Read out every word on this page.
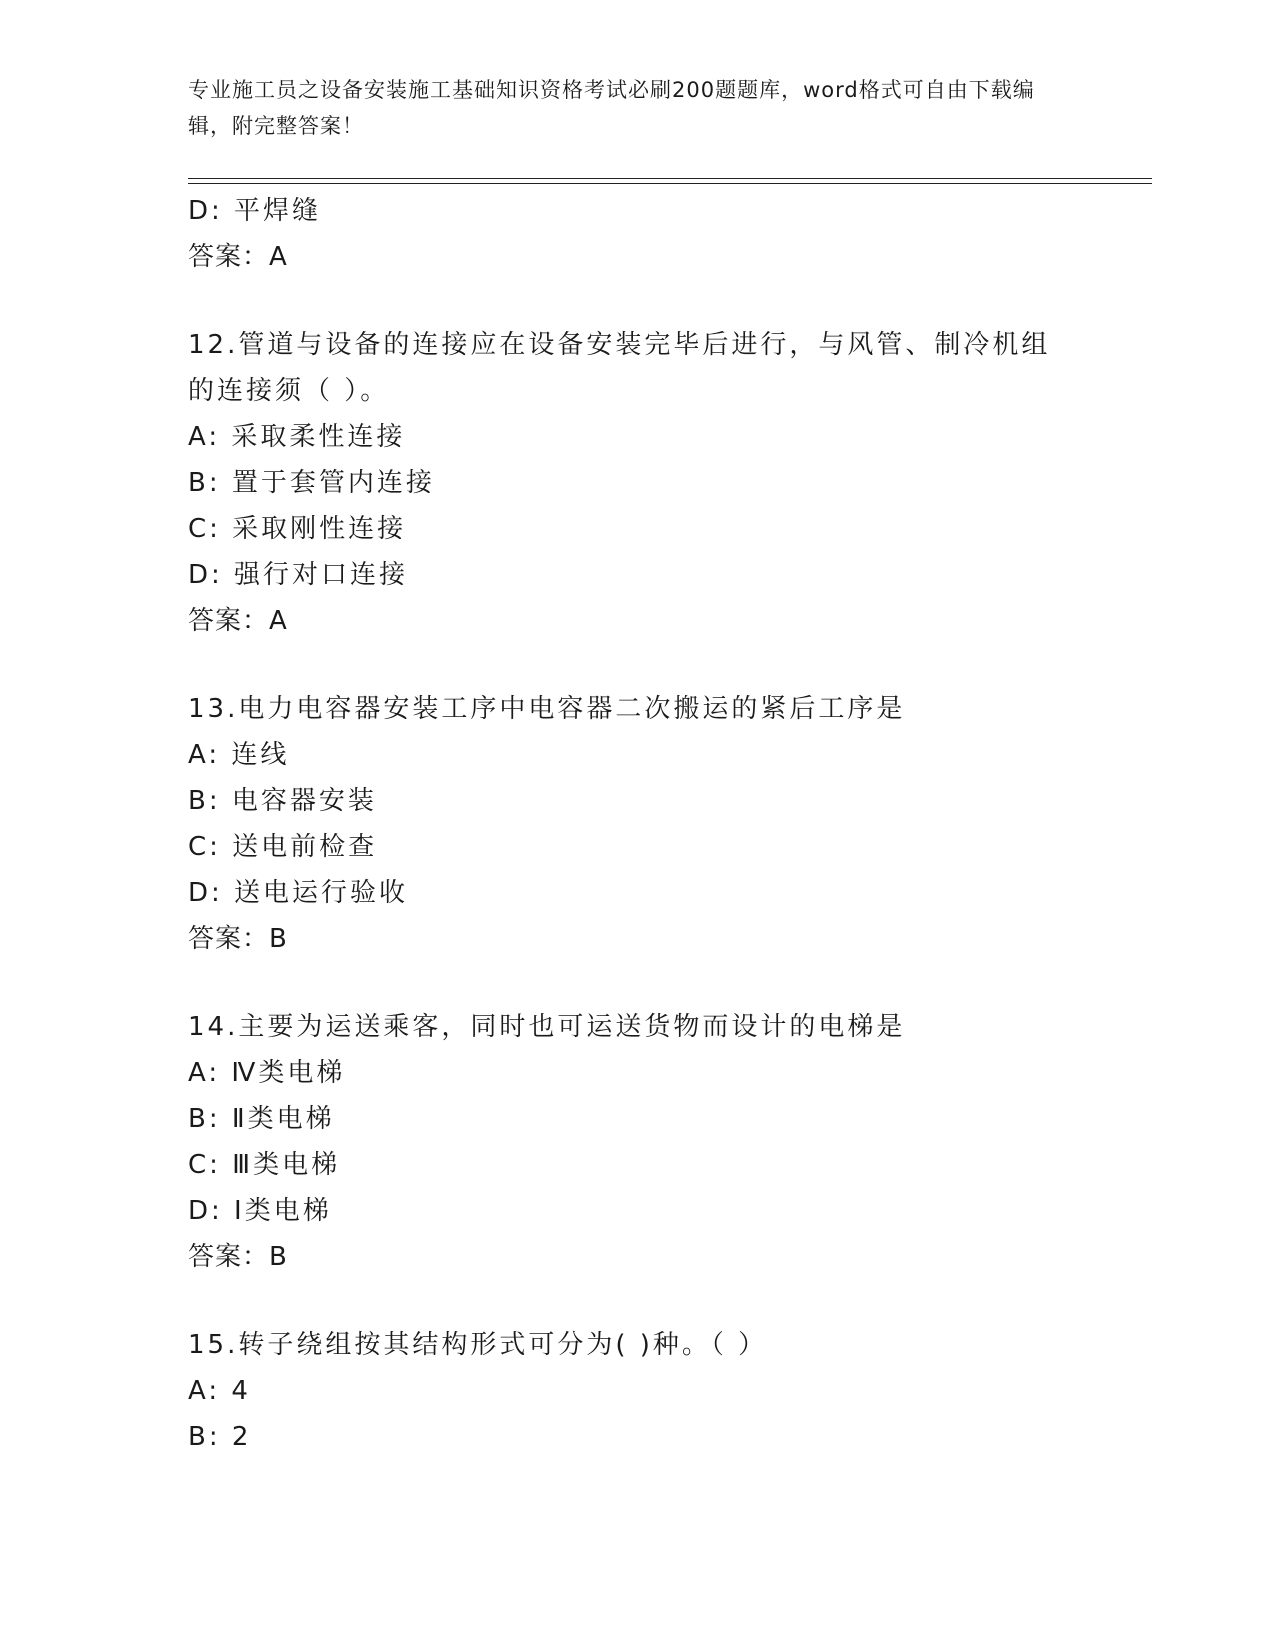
专业施工员之设备安装施工基础知识资格考试必刷200题题库，word格式可自由下载编辑，附完整答案！
D: 平焊缝
答案：A
12.管道与设备的连接应在设备安装完毕后进行，与风管、制冷机组的连接须（ ）。
A: 采取柔性连接
B: 置于套管内连接
C: 采取刚性连接
D: 强行对口连接
答案：A
13.电力电容器安装工序中电容器二次搬运的紧后工序是
A: 连线
B: 电容器安装
C: 送电前检查
D: 送电运行验收
答案：B
14.主要为运送乘客，同时也可运送货物而设计的电梯是
A: Ⅳ类电梯
B: Ⅱ类电梯
C: Ⅲ类电梯
D: Ⅰ类电梯
答案：B
15.转子绕组按其结构形式可分为( )种。（ ）
A: 4
B: 2
